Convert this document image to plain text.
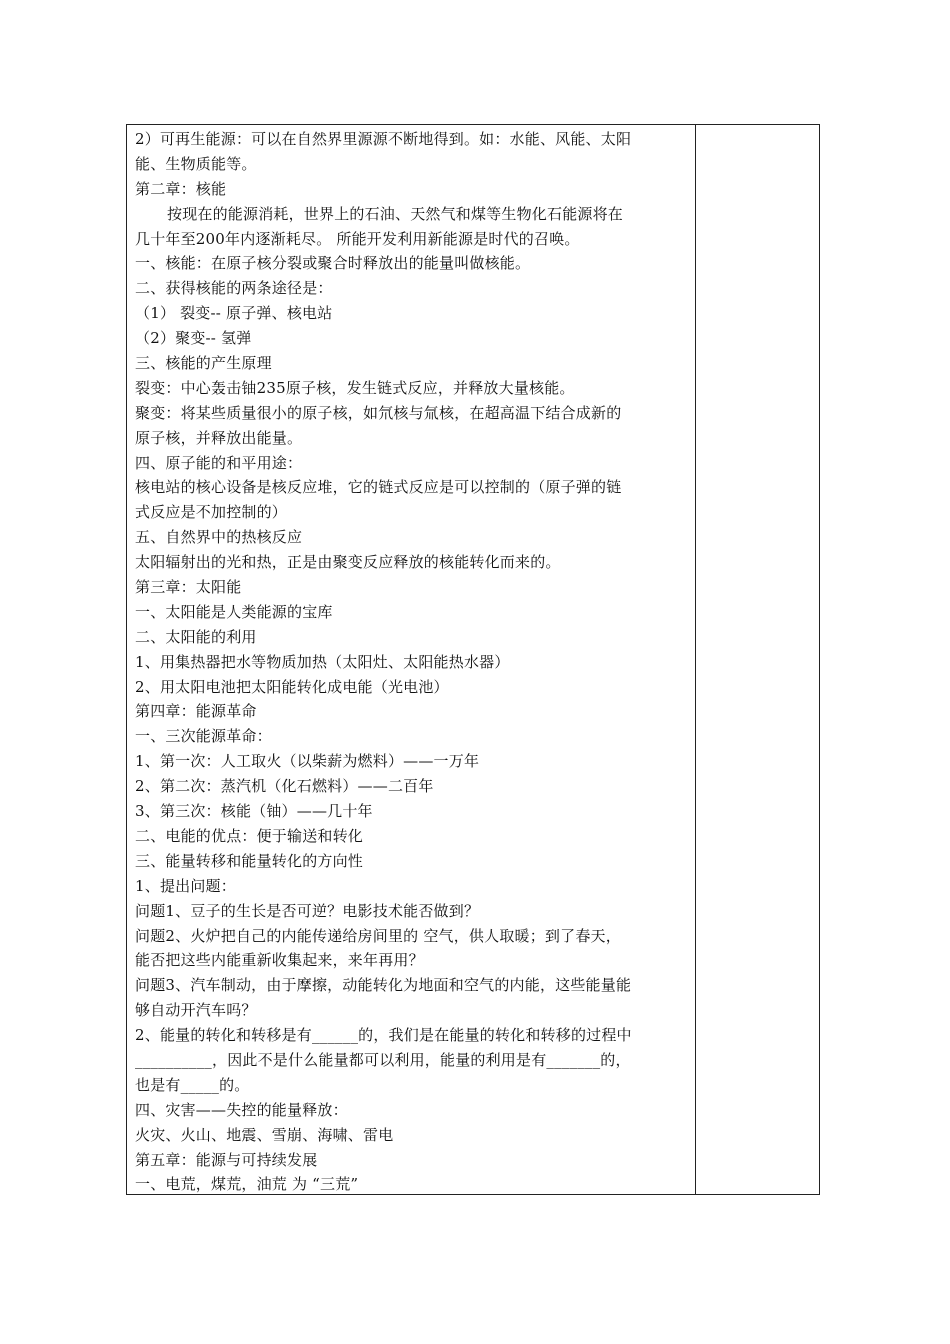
2）可再生能源：可以在自然界里源源不断地得到。如：水能、风能、太阳
能、生物质能等。
第二章：核能
按现在的能源消耗，世界上的石油、天然气和煤等生物化石能源将在
几十年至200年内逐渐耗尽。 所能开发利用新能源是时代的召唤。
一、核能：在原子核分裂或聚合时释放出的能量叫做核能。
二、获得核能的两条途径是：
（1） 裂变-- 原子弹、核电站
（2）聚变-- 氢弹
三、核能的产生原理
裂变：中心轰击铀235原子核，发生链式反应，并释放大量核能。
聚变：将某些质量很小的原子核，如氘核与氚核，在超高温下结合成新的
原子核，并释放出能量。
四、原子能的和平用途：
核电站的核心设备是核反应堆，它的链式反应是可以控制的（原子弹的链
式反应是不加控制的）
五、自然界中的热核反应
太阳辐射出的光和热，正是由聚变反应释放的核能转化而来的。
第三章：太阳能
一、太阳能是人类能源的宝库
二、太阳能的利用
1、用集热器把水等物质加热（太阳灶、太阳能热水器）
2、用太阳电池把太阳能转化成电能（光电池）
第四章：能源革命
一、三次能源革命：
1、第一次：人工取火（以柴薪为燃料）——一万年
2、第二次：蒸汽机（化石燃料）——二百年
3、第三次：核能（铀）——几十年
二、电能的优点：便于输送和转化
三、能量转移和能量转化的方向性
1、提出问题：
问题1、豆子的生长是否可逆？电影技术能否做到？
问题2、火炉把自己的内能传递给房间里的 空气，供人取暖；到了春天，
能否把这些内能重新收集起来，来年再用？
问题3、汽车制动，由于摩擦，动能转化为地面和空气的内能，这些能量能
够自动开汽车吗？
2、能量的转化和转移是有______的，我们是在能量的转化和转移的过程中
__________，因此不是什么能量都可以利用，能量的利用是有_______的，
也是有_____的。
四、灾害——失控的能量释放：
火灾、火山、地震、雪崩、海啸、雷电
第五章：能源与可持续发展
一、电荒，煤荒，油荒 为 “三荒”
